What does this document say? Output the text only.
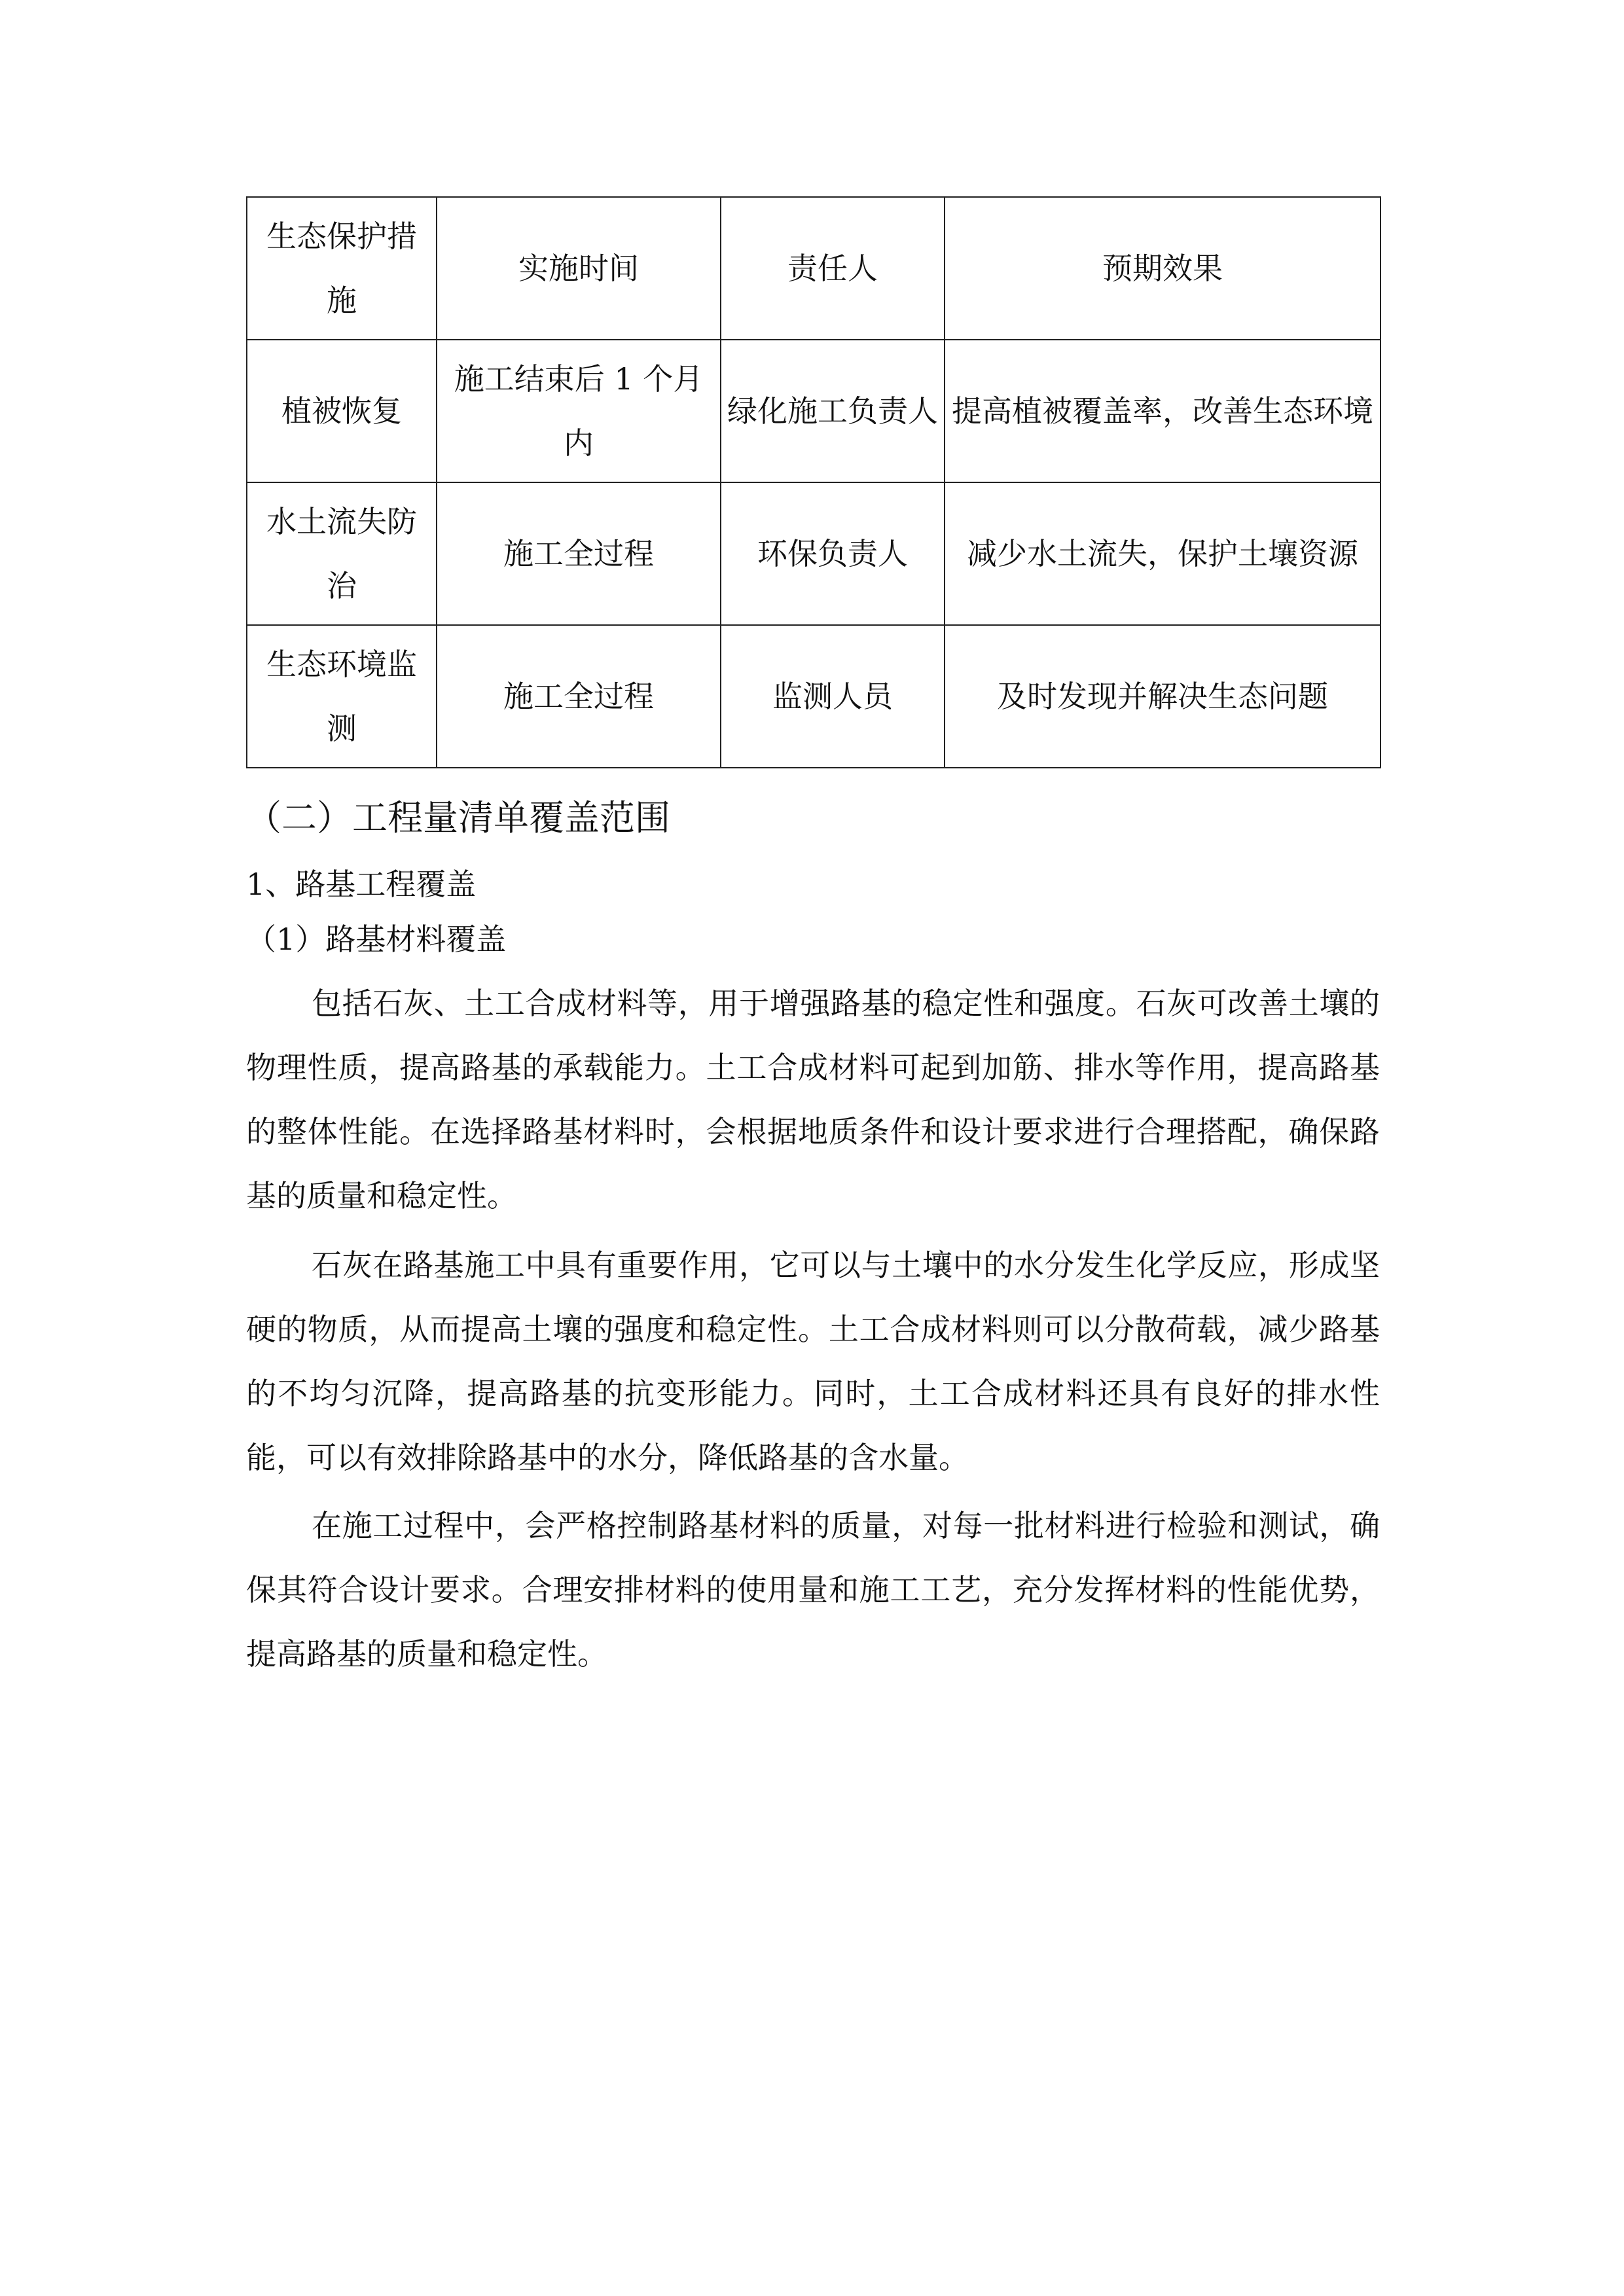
生态保护措施	实施时间	责任人	预期效果
植被恢复	施工结束后 1 个月内	绿化施工负责人	提高植被覆盖率，改善生态环境
水土流失防治	施工全过程	环保负责人	减少水土流失，保护土壤资源
生态环境监测	施工全过程	监测人员	及时发现并解决生态问题
（二）工程量清单覆盖范围
1、路基工程覆盖
（1）路基材料覆盖

包括石灰、土工合成材料等，用于增强路基的稳定性和强度。石灰可改善土壤的物理性质，提高路基的承载能力。土工合成材料可起到加筋、排水等作用，提高路基的整体性能。在选择路基材料时，会根据地质条件和设计要求进行合理搭配，确保路基的质量和稳定性。

石灰在路基施工中具有重要作用，它可以与土壤中的水分发生化学反应，形成坚硬的物质，从而提高土壤的强度和稳定性。土工合成材料则可以分散荷载，减少路基的不均匀沉降，提高路基的抗变形能力。同时，土工合成材料还具有良好的排水性能，可以有效排除路基中的水分，降低路基的含水量。

在施工过程中，会严格控制路基材料的质量，对每一批材料进行检验和测试，确保其符合设计要求。合理安排材料的使用量和施工工艺，充分发挥材料的性能优势，提高路基的质量和稳定性。
